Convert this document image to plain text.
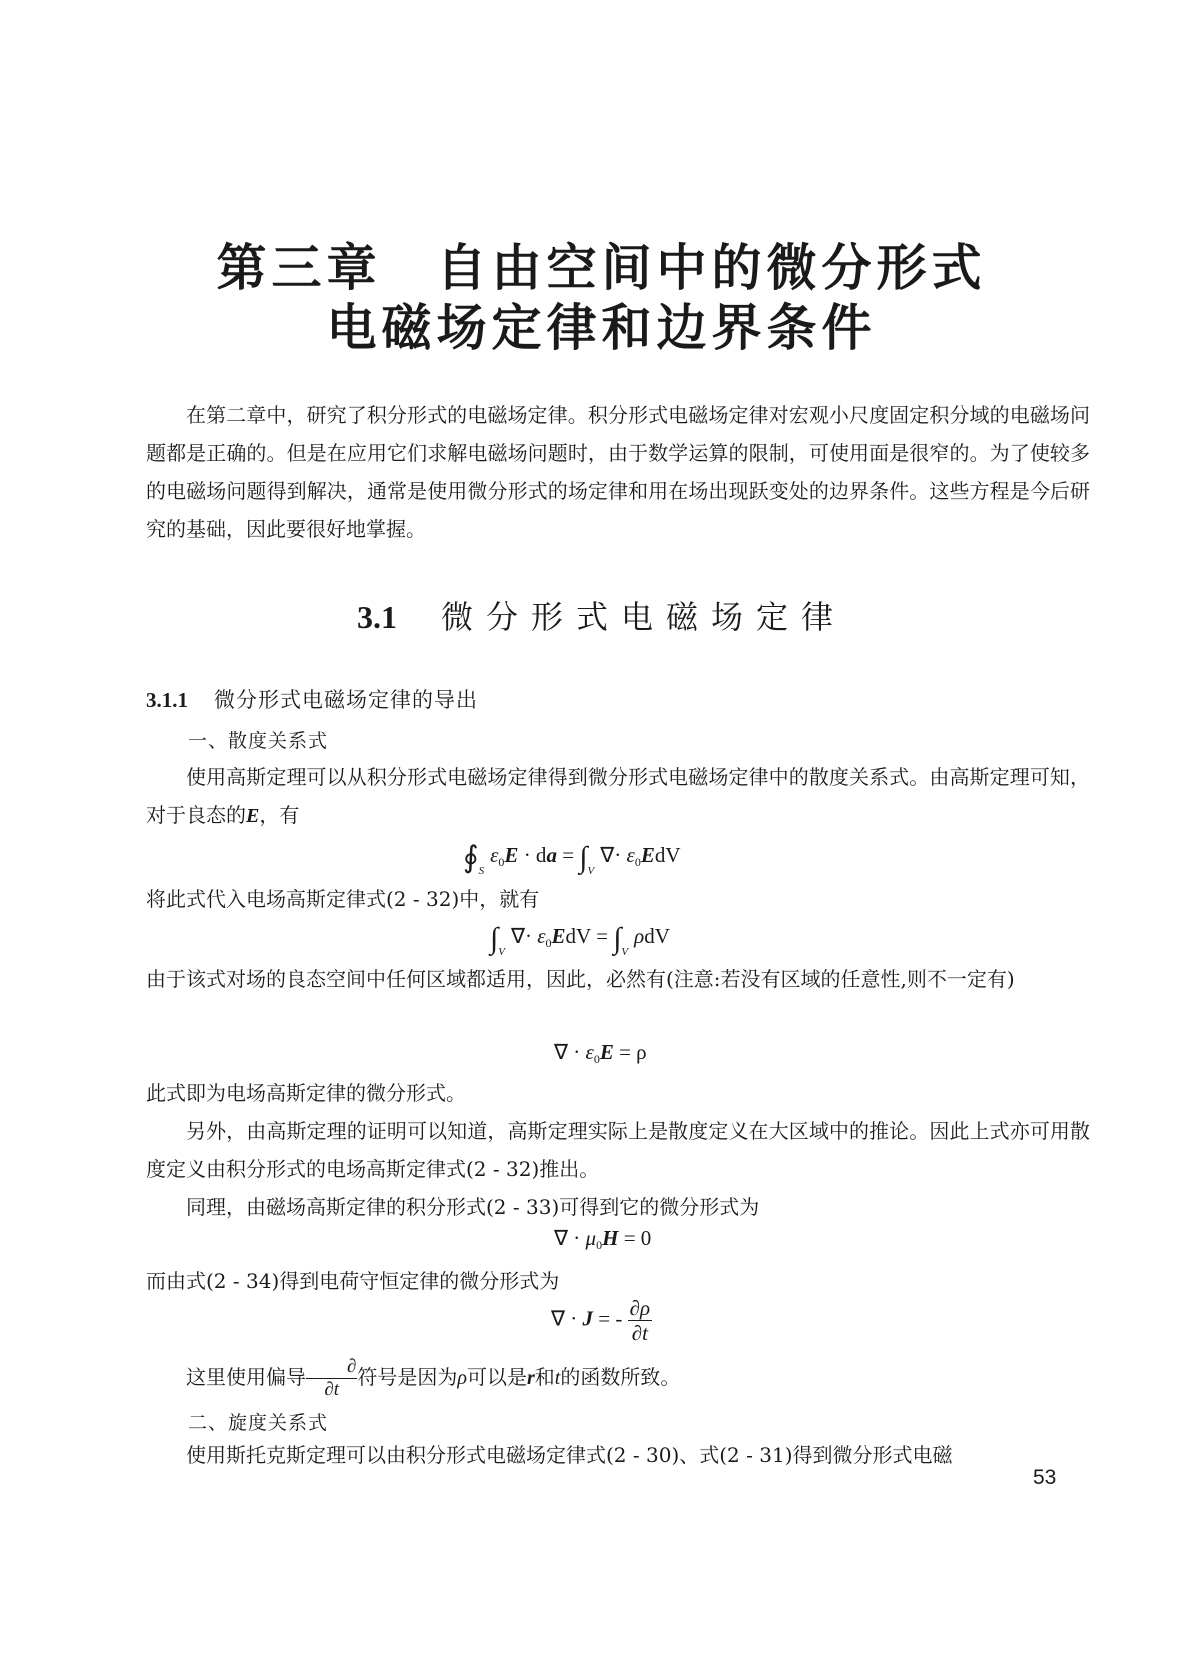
第三章　自由空间中的微分形式
电磁场定律和边界条件

在第二章中，研究了积分形式的电磁场定律。积分形式电磁场定律对宏观小尺度固定积分域的电磁场问题都是正确的。但是在应用它们求解电磁场问题时，由于数学运算的限制，可使用面是很窄的。为了使较多的电磁场问题得到解决，通常是使用微分形式的场定律和用在场出现跃变处的边界条件。这些方程是今后研究的基础，因此要很好地掌握。

3.1 微分形式电磁场定律
3.1.1 微分形式电磁场定律的导出
一、散度关系式

使用高斯定理可以从积分形式电磁场定律得到微分形式电磁场定律中的散度关系式。由高斯定理可知，对于良态的E，有

$∮_S\varepsilon_0E$ · da = $\int_V\nabla\cdot \varepsilon_0EdV$

将此式代入电场高斯定律式(2 - 32)中，就有

$\int_V\nabla\cdot \varepsilon_0EdV = \int_V\rho dV$

由于该式对场的良态空间中任何区域都适用，因此，必然有(注意:若没有区域的任意性,则不一定有)

∇ · $\varepsilon_0E = \rho$

此式即为电场高斯定律的微分形式。

另外，由高斯定理的证明可以知道，高斯定理实际上是散度定义在大区域中的推论。因此上式亦可用散度定义由积分形式的电场高斯定律式(2 - 32)推出。

同理，由磁场高斯定律的积分形式(2 - 33)可得到它的微分形式为

∇ · $\mu_0H = 0$

而由式(2 - 34)得到电荷守恒定律的微分形式为

∇ · J = - $\frac{\partial\rho}{\partial t}$

这里使用偏导 $\frac{\partial}{\partial t}$符号是因为ρ可以是r和t的函数所致。

二、旋度关系式

使用斯托克斯定理可以由积分形式电磁场定律式(2 - 30)、式(2 - 31)得到微分形式电磁

53
